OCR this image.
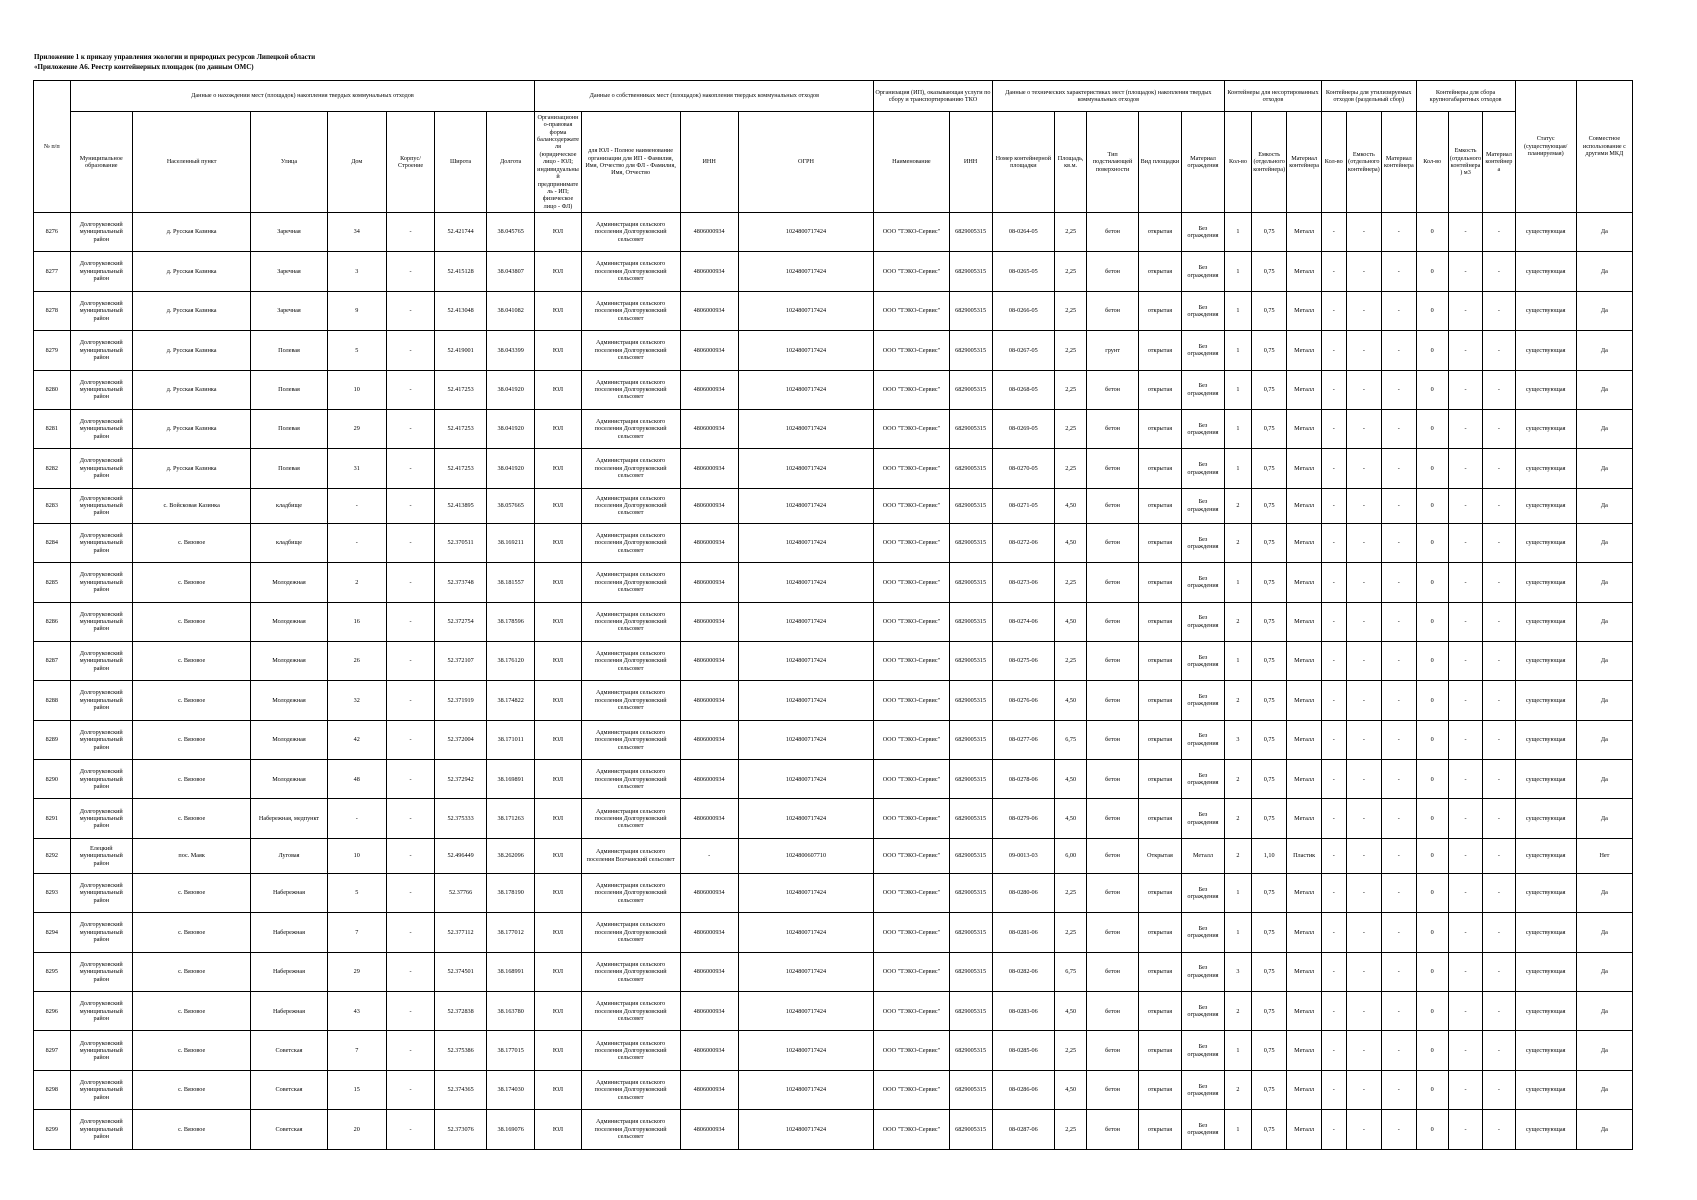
Приложение 1 к приказу управления экологии и природных ресурсов Липецкой области
«Приложение А6. Реестр контейнерных площадок (по данным ОМС)
№ п/п	Данные о нахождении мест (площадок) накопления твердых коммунальных отходов							Данные о собственниках мест (площадок) накопления твердых коммунальных отходов				Организация (ИП), оказывающая услуги по сбору и транспортированию ТКО		Данные о технических характеристиках мест (площадок) накопления твердых коммунальных отходов					Контейнеры для несортированных отходов			Контейнеры для утилизируемых отходов (раздельный сбор)			Контейнеры для сбора крупногабаритных отходов			Статус (существующая/ планируемая)	Совместное использование с другими МКД
	Муниципальное образование	Населенный пункт	Улица	Дом	Корпус/Строение	Широта	Долгота	Организационно-правовая форма балансодержателя (юридическое лицо - ЮЛ; индивидуальный предприниматель - ИП; физическое лицо - ФЛ)	для ЮЛ - Полное наименование организации для ИП - Фамилия, Имя, Отчество для ФЛ - Фамилия, Имя, Отчество	ИНН	ОГРН	Наименование	ИНН	Номер контейнерной площадки	Площадь, кв.м.	Тип подстилающей поверхности	Вид площадки	Материал ограждения	Кол-во	Емкость (отдельного контейнера)	Материал контейнера	Кол-во	Емкость (отдельного контейнера)	Материал контейнера	Кол-во	Емкость (отдельного контейнера) м3	Материал контейнера		
8276	Долгоруковский муниципальный район	д. Русская Казинка	Заречная	34	-	52.421744	38.045765	ЮЛ	Администрация сельского поселения Долгоруковский сельсовет	4806000934	1024800717424	ООО "ТЭКО-Сервис"	6829005315	08-0264-05	2,25	бетон	открытая	Без ограждения	1	0,75	Металл	-	-	-	0	-	-	существующая	Да
8277	Долгоруковский муниципальный район	д. Русская Казинка	Заречная	3	-	52.415128	38.043807	ЮЛ	Администрация сельского поселения Долгоруковский сельсовет	4806000934	1024800717424	ООО "ТЭКО-Сервис"	6829005315	08-0265-05	2,25	бетон	открытая	Без ограждения	1	0,75	Металл	-	-	-	0	-	-	существующая	Да
8278	Долгоруковский муниципальный район	д. Русская Казинка	Заречная	9	-	52.413048	38.041082	ЮЛ	Администрация сельского поселения Долгоруковский сельсовет	4806000934	1024800717424	ООО "ТЭКО-Сервис"	6829005315	08-0266-05	2,25	бетон	открытая	Без ограждения	1	0,75	Металл	-	-	-	0	-	-	существующая	Да
8279	Долгоруковский муниципальный район	д. Русская Казинка	Полевая	5	-	52.419001	38.043399	ЮЛ	Администрация сельского поселения Долгоруковский сельсовет	4806000934	1024800717424	ООО "ТЭКО-Сервис"	6829005315	08-0267-05	2,25	грунт	открытая	Без ограждения	1	0,75	Металл	-	-	-	0	-	-	существующая	Да
8280	Долгоруковский муниципальный район	д. Русская Казинка	Полевая	10	-	52.417253	38.041920	ЮЛ	Администрация сельского поселения Долгоруковский сельсовет	4806000934	1024800717424	ООО "ТЭКО-Сервис"	6829005315	08-0268-05	2,25	бетон	открытая	Без ограждения	1	0,75	Металл	-	-	-	0	-	-	существующая	Да
8281	Долгоруковский муниципальный район	д. Русская Казинка	Полевая	29	-	52.417253	38.041920	ЮЛ	Администрация сельского поселения Долгоруковский сельсовет	4806000934	1024800717424	ООО "ТЭКО-Сервис"	6829005315	08-0269-05	2,25	бетон	открытая	Без ограждения	1	0,75	Металл	-	-	-	0	-	-	существующая	Да
8282	Долгоруковский муниципальный район	д. Русская Казинка	Полевая	31	-	52.417253	38.041920	ЮЛ	Администрация сельского поселения Долгоруковский сельсовет	4806000934	1024800717424	ООО "ТЭКО-Сервис"	6829005315	08-0270-05	2,25	бетон	открытая	Без ограждения	1	0,75	Металл	-	-	-	0	-	-	существующая	Да
8283	Долгоруковский муниципальный район	с. Войсковая Казинка	кладбище	-	-	52.413895	38.057665	ЮЛ	Администрация сельского поселения Долгоруковский сельсовет	4806000934	1024800717424	ООО "ТЭКО-Сервис"	6829005315	08-0271-05	4,50	бетон	открытая	Без ограждения	2	0,75	Металл	-	-	-	0	-	-	существующая	Да
8284	Долгоруковский муниципальный район	с. Вязовое	кладбище	-	-	52.370511	38.169211	ЮЛ	Администрация сельского поселения Долгоруковский сельсовет	4806000934	1024800717424	ООО "ТЭКО-Сервис"	6829005315	08-0272-06	4,50	бетон	открытая	Без ограждения	2	0,75	Металл	-	-	-	0	-	-	существующая	Да
8285	Долгоруковский муниципальный район	с. Вязовое	Молодежная	2	-	52.373748	38.181557	ЮЛ	Администрация сельского поселения Долгоруковский сельсовет	4806000934	1024800717424	ООО "ТЭКО-Сервис"	6829005315	08-0273-06	2,25	бетон	открытая	Без ограждения	1	0,75	Металл	-	-	-	0	-	-	существующая	Да
8286	Долгоруковский муниципальный район	с. Вязовое	Молодежная	16	-	52.372754	38.178596	ЮЛ	Администрация сельского поселения Долгоруковский сельсовет	4806000934	1024800717424	ООО "ТЭКО-Сервис"	6829005315	08-0274-06	4,50	бетон	открытая	Без ограждения	2	0,75	Металл	-	-	-	0	-	-	существующая	Да
8287	Долгоруковский муниципальный район	с. Вязовое	Молодежная	26	-	52.372107	38.176120	ЮЛ	Администрация сельского поселения Долгоруковский сельсовет	4806000934	1024800717424	ООО "ТЭКО-Сервис"	6829005315	08-0275-06	2,25	бетон	открытая	Без ограждения	1	0,75	Металл	-	-	-	0	-	-	существующая	Да
8288	Долгоруковский муниципальный район	с. Вязовое	Молодежная	32	-	52.371919	38.174822	ЮЛ	Администрация сельского поселения Долгоруковский сельсовет	4806000934	1024800717424	ООО "ТЭКО-Сервис"	6829005315	08-0276-06	4,50	бетон	открытая	Без ограждения	2	0,75	Металл	-	-	-	0	-	-	существующая	Да
8289	Долгоруковский муниципальный район	с. Вязовое	Молодежная	42	-	52.372004	38.171011	ЮЛ	Администрация сельского поселения Долгоруковский сельсовет	4806000934	1024800717424	ООО "ТЭКО-Сервис"	6829005315	08-0277-06	6,75	бетон	открытая	Без ограждения	3	0,75	Металл	-	-	-	0	-	-	существующая	Да
8290	Долгоруковский муниципальный район	с. Вязовое	Молодежная	48	-	52.372942	38.169891	ЮЛ	Администрация сельского поселения Долгоруковский сельсовет	4806000934	1024800717424	ООО "ТЭКО-Сервис"	6829005315	08-0278-06	4,50	бетон	открытая	Без ограждения	2	0,75	Металл	-	-	-	0	-	-	существующая	Да
8291	Долгоруковский муниципальный район	с. Вязовое	Набережная, медпункт	-	-	52.375333	38.171263	ЮЛ	Администрация сельского поселения Долгоруковский сельсовет	4806000934	1024800717424	ООО "ТЭКО-Сервис"	6829005315	08-0279-06	4,50	бетон	открытая	Без ограждения	2	0,75	Металл	-	-	-	0	-	-	существующая	Да
8292	Елецкий муниципальный район	пос. Маяк	Луговая	10	-	52.496449	38.262096	ЮЛ	Администрация сельского поселения Волчанский сельсовет	-	1024800607710	ООО "ТЭКО-Сервис"	6829005315	09-0013-03	6,00	бетон	Открытая	Металл	2	1,10	Пластик	-	-	-	0	-	-	существующая	Нет
8293	Долгоруковский муниципальный район	с. Вязовое	Набережная	5	-	52.37766	38.178190	ЮЛ	Администрация сельского поселения Долгоруковский сельсовет	4806000934	1024800717424	ООО "ТЭКО-Сервис"	6829005315	08-0280-06	2,25	бетон	открытая	Без ограждения	1	0,75	Металл	-	-	-	0	-	-	существующая	Да
8294	Долгоруковский муниципальный район	с. Вязовое	Набережная	7	-	52.377112	38.177012	ЮЛ	Администрация сельского поселения Долгоруковский сельсовет	4806000934	1024800717424	ООО "ТЭКО-Сервис"	6829005315	08-0281-06	2,25	бетон	открытая	Без ограждения	1	0,75	Металл	-	-	-	0	-	-	существующая	Да
8295	Долгоруковский муниципальный район	с. Вязовое	Набережная	29	-	52.374501	38.168991	ЮЛ	Администрация сельского поселения Долгоруковский сельсовет	4806000934	1024800717424	ООО "ТЭКО-Сервис"	6829005315	08-0282-06	6,75	бетон	открытая	Без ограждения	3	0,75	Металл	-	-	-	0	-	-	существующая	Да
8296	Долгоруковский муниципальный район	с. Вязовое	Набережная	43	-	52.372838	38.163780	ЮЛ	Администрация сельского поселения Долгоруковский сельсовет	4806000934	1024800717424	ООО "ТЭКО-Сервис"	6829005315	08-0283-06	4,50	бетон	открытая	Без ограждения	2	0,75	Металл	-	-	-	0	-	-	существующая	Да
8297	Долгоруковский муниципальный район	с. Вязовое	Советская	7	-	52.375386	38.177015	ЮЛ	Администрация сельского поселения Долгоруковский сельсовет	4806000934	1024800717424	ООО "ТЭКО-Сервис"	6829005315	08-0285-06	2,25	бетон	открытая	Без ограждения	1	0,75	Металл	-	-	-	0	-	-	существующая	Да
8298	Долгоруковский муниципальный район	с. Вязовое	Советская	15	-	52.374365	38.174030	ЮЛ	Администрация сельского поселения Долгоруковский сельсовет	4806000934	1024800717424	ООО "ТЭКО-Сервис"	6829005315	08-0286-06	4,50	бетон	открытая	Без ограждения	2	0,75	Металл	-	-	-	0	-	-	существующая	Да
8299	Долгоруковский муниципальный район	с. Вязовое	Советская	20	-	52.373076	38.169076	ЮЛ	Администрация сельского поселения Долгоруковский сельсовет	4806000934	1024800717424	ООО "ТЭКО-Сервис"	6829005315	08-0287-06	2,25	бетон	открытая	Без ограждения	1	0,75	Металл	-	-	-	0	-	-	существующая	Да
